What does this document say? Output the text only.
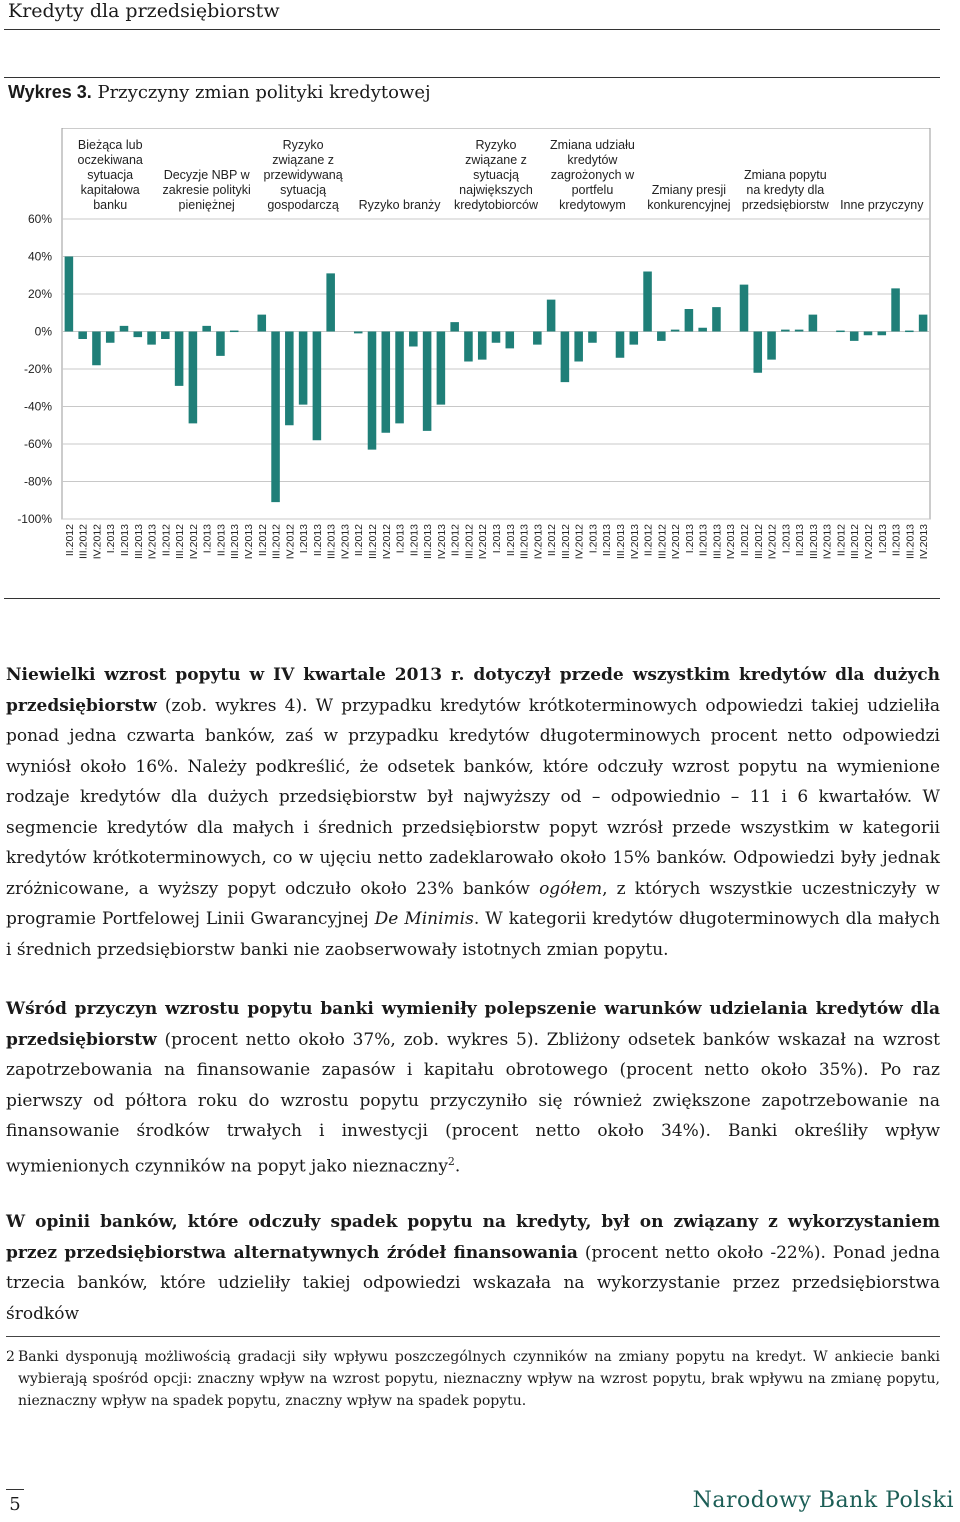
Kredyty dla przedsiębiorstw
Wykres 3. Przyczyny zmian polityki kredytowej
60%
40%
20%
0%
-20%
-40%
-60%
-80%
-100%
Bieżąca lub
oczekiwana
sytuacja
kapitałowa
banku
II.2012 III.2012 IV.2012 I.2013 II.2013 III.2013 IV.2013
Decyzje NBP w
zakresie polityki
pieniężnej
II.2012 III.2012 IV.2012 I.2013 II.2013 III.2013 IV.2013
Ryzyko
związane z
przewidywaną
sytuacją
gospodarczą
II.2012 III.2012 IV.2012 I.2013 II.2013 III.2013 IV.2013
Ryzyko branży
II.2012 III.2012 IV.2012 I.2013 II.2013 III.2013 IV.2013
Ryzyko
związane z
sytuacją
największych
kredytobiorców
II.2012 III.2012 IV.2012 I.2013 II.2013 III.2013 IV.2013
Zmiana udziału
kredytów
zagrożonych w
portfelu
kredytowym
II.2012 III.2012 IV.2012 I.2013 II.2013 III.2013 IV.2013
Zmiany presji
konkurencyjnej
II.2012 III.2012 IV.2012 I.2013 II.2013 III.2013 IV.2013
Zmiana popytu
na kredyty dla
przedsiębiorstw
II.2012 III.2012 IV.2012 I.2013 II.2013 III.2013 IV.2013
Inne przyczyny
II.2012 III.2012 IV.2012 I.2013 II.2013 III.2013 IV.2013
Niewielki wzrost popytu w IV kwartale 2013 r. dotyczył przede wszystkim kredytów dla dużych przedsiębiorstw (zob. wykres 4). W przypadku kredytów krótkoterminowych odpowiedzi takiej udzieliła ponad jedna czwarta banków, zaś w przypadku kredytów długoterminowych procent netto odpowiedzi wyniósł około 16%. Należy podkreślić, że odsetek banków, które odczuły wzrost popytu na wymienione rodzaje kredytów dla dużych przedsiębiorstw był najwyższy od – odpowiednio – 11 i 6 kwartałów. W segmencie kredytów dla małych i średnich przedsiębiorstw popyt wzrósł przede wszystkim w kategorii kredytów krótkoterminowych, co w ujęciu netto zadeklarowało około 15% banków. Odpowiedzi były jednak zróżnicowane, a wyższy popyt odczuło około 23% banków ogółem, z których wszystkie uczestniczyły w programie Portfelowej Linii Gwarancyjnej De Minimis. W kategorii kredytów długoterminowych dla małych i średnich przedsiębiorstw banki nie zaobserwowały istotnych zmian popytu.
Wśród przyczyn wzrostu popytu banki wymieniły polepszenie warunków udzielania kredytów dla przedsiębiorstw (procent netto około 37%, zob. wykres 5). Zbliżony odsetek banków wskazał na wzrost zapotrzebowania na finansowanie zapasów i kapitału obrotowego (procent netto około 35%). Po raz pierwszy od półtora roku do wzrostu popytu przyczyniło się również zwiększone zapotrzebowanie na finansowanie środków trwałych i inwestycji (procent netto około 34%). Banki określiły wpływ wymienionych czynników na popyt jako nieznaczny$^2$.
W opinii banków, które odczuły spadek popytu na kredyty, był on związany z wykorzystaniem przez przedsiębiorstwa alternatywnych źródeł finansowania (procent netto około -22%). Ponad jedna trzecia banków, które udzieliły takiej odpowiedzi wskazała na wykorzystanie przez przedsiębiorstwa środków
2 Banki dysponują możliwością gradacji siły wpływu poszczególnych czynników na zmiany popytu na kredyt. W ankiecie banki wybierają spośród opcji: znaczny wpływ na wzrost popytu, nieznaczny wpływ na wzrost popytu, brak wpływu na zmianę popytu, nieznaczny wpływ na spadek popytu, znaczny wpływ na spadek popytu.
5	Narodowy Bank Polski
